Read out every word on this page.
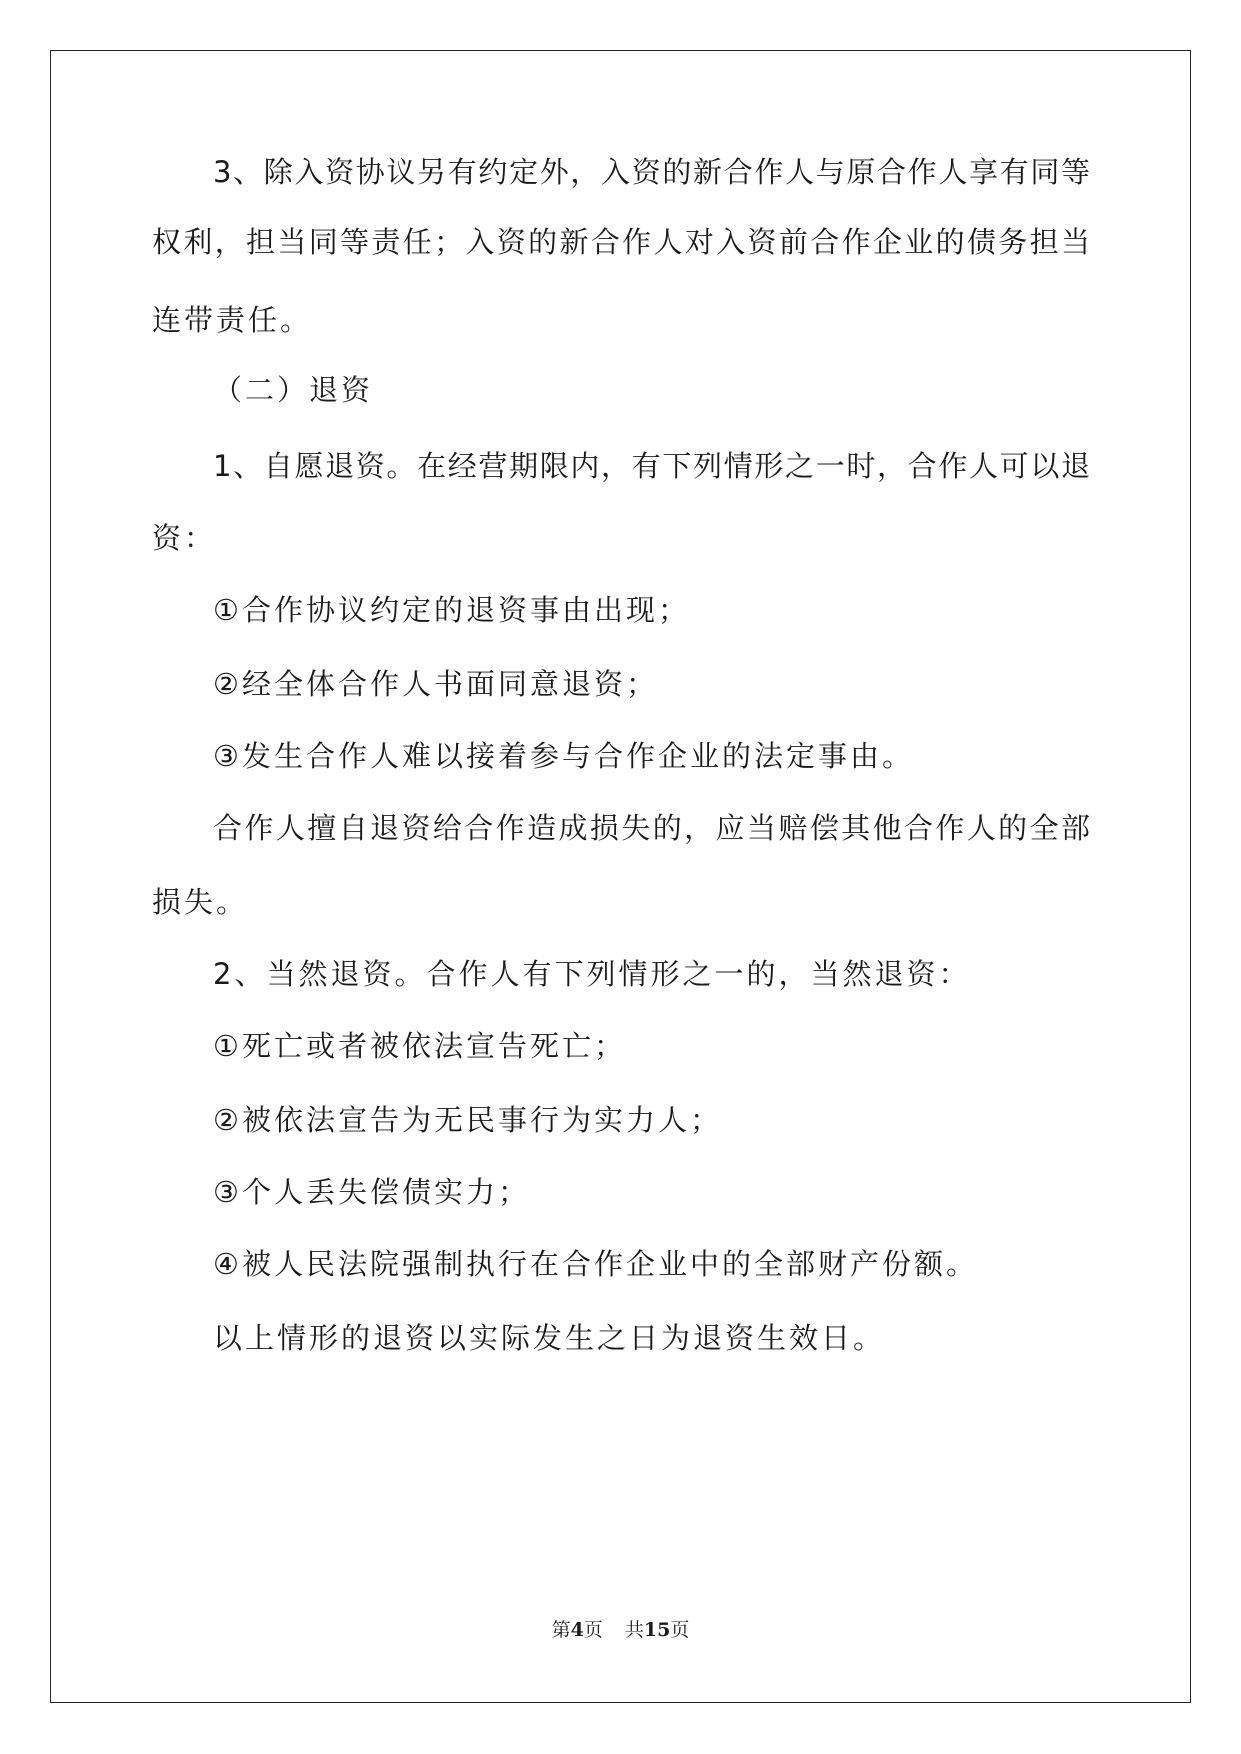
3、除入资协议另有约定外，入资的新合作人与原合作人享有同等
权利，担当同等责任；入资的新合作人对入资前合作企业的债务担当
连带责任。
（二）退资
1、自愿退资。在经营期限内，有下列情形之一时，合作人可以退
资：
①合作协议约定的退资事由出现；
②经全体合作人书面同意退资；
③发生合作人难以接着参与合作企业的法定事由。
合作人擅自退资给合作造成损失的，应当赔偿其他合作人的全部
损失。
2、当然退资。合作人有下列情形之一的，当然退资：
①死亡或者被依法宣告死亡；
②被依法宣告为无民事行为实力人；
③个人丢失偿债实力；
④被人民法院强制执行在合作企业中的全部财产份额。
以上情形的退资以实际发生之日为退资生效日。
第4页 共15页
